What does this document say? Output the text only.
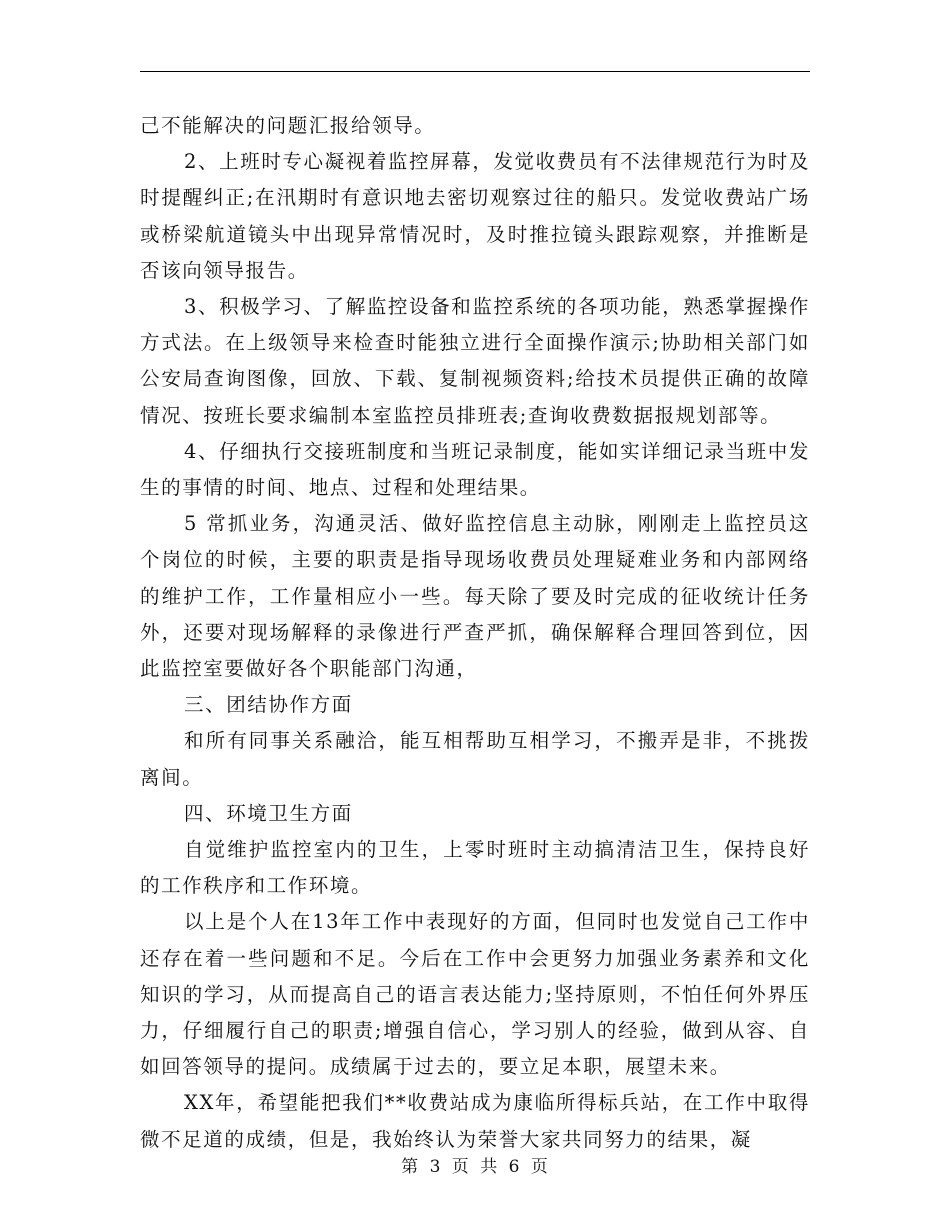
己不能解决的问题汇报给领导。

2、上班时专心凝视着监控屏幕，发觉收费员有不法律规范行为时及时提醒纠正;在汛期时有意识地去密切观察过往的船只。发觉收费站广场或桥梁航道镜头中出现异常情况时，及时推拉镜头跟踪观察，并推断是否该向领导报告。

3、积极学习、了解监控设备和监控系统的各项功能，熟悉掌握操作方式法。在上级领导来检查时能独立进行全面操作演示;协助相关部门如公安局查询图像，回放、下载、复制视频资料;给技术员提供正确的故障情况、按班长要求编制本室监控员排班表;查询收费数据报规划部等。

4、仔细执行交接班制度和当班记录制度，能如实详细记录当班中发生的事情的时间、地点、过程和处理结果。

5 常抓业务，沟通灵活、做好监控信息主动脉，刚刚走上监控员这个岗位的时候，主要的职责是指导现场收费员处理疑难业务和内部网络的维护工作，工作量相应小一些。每天除了要及时完成的征收统计任务外，还要对现场解释的录像进行严查严抓，确保解释合理回答到位，因此监控室要做好各个职能部门沟通，

三、团结协作方面

和所有同事关系融洽，能互相帮助互相学习，不搬弄是非，不挑拨离间。

四、环境卫生方面

自觉维护监控室内的卫生，上零时班时主动搞清洁卫生，保持良好的工作秩序和工作环境。

以上是个人在13年工作中表现好的方面，但同时也发觉自己工作中还存在着一些问题和不足。今后在工作中会更努力加强业务素养和文化知识的学习，从而提高自己的语言表达能力;坚持原则，不怕任何外界压力，仔细履行自己的职责;增强自信心，学习别人的经验，做到从容、自如回答领导的提问。成绩属于过去的，要立足本职，展望未来。

XX年，希望能把我们**收费站成为康临所得标兵站，在工作中取得微不足道的成绩，但是，我始终认为荣誉大家共同努力的结果，凝

第 3 页 共 6 页
